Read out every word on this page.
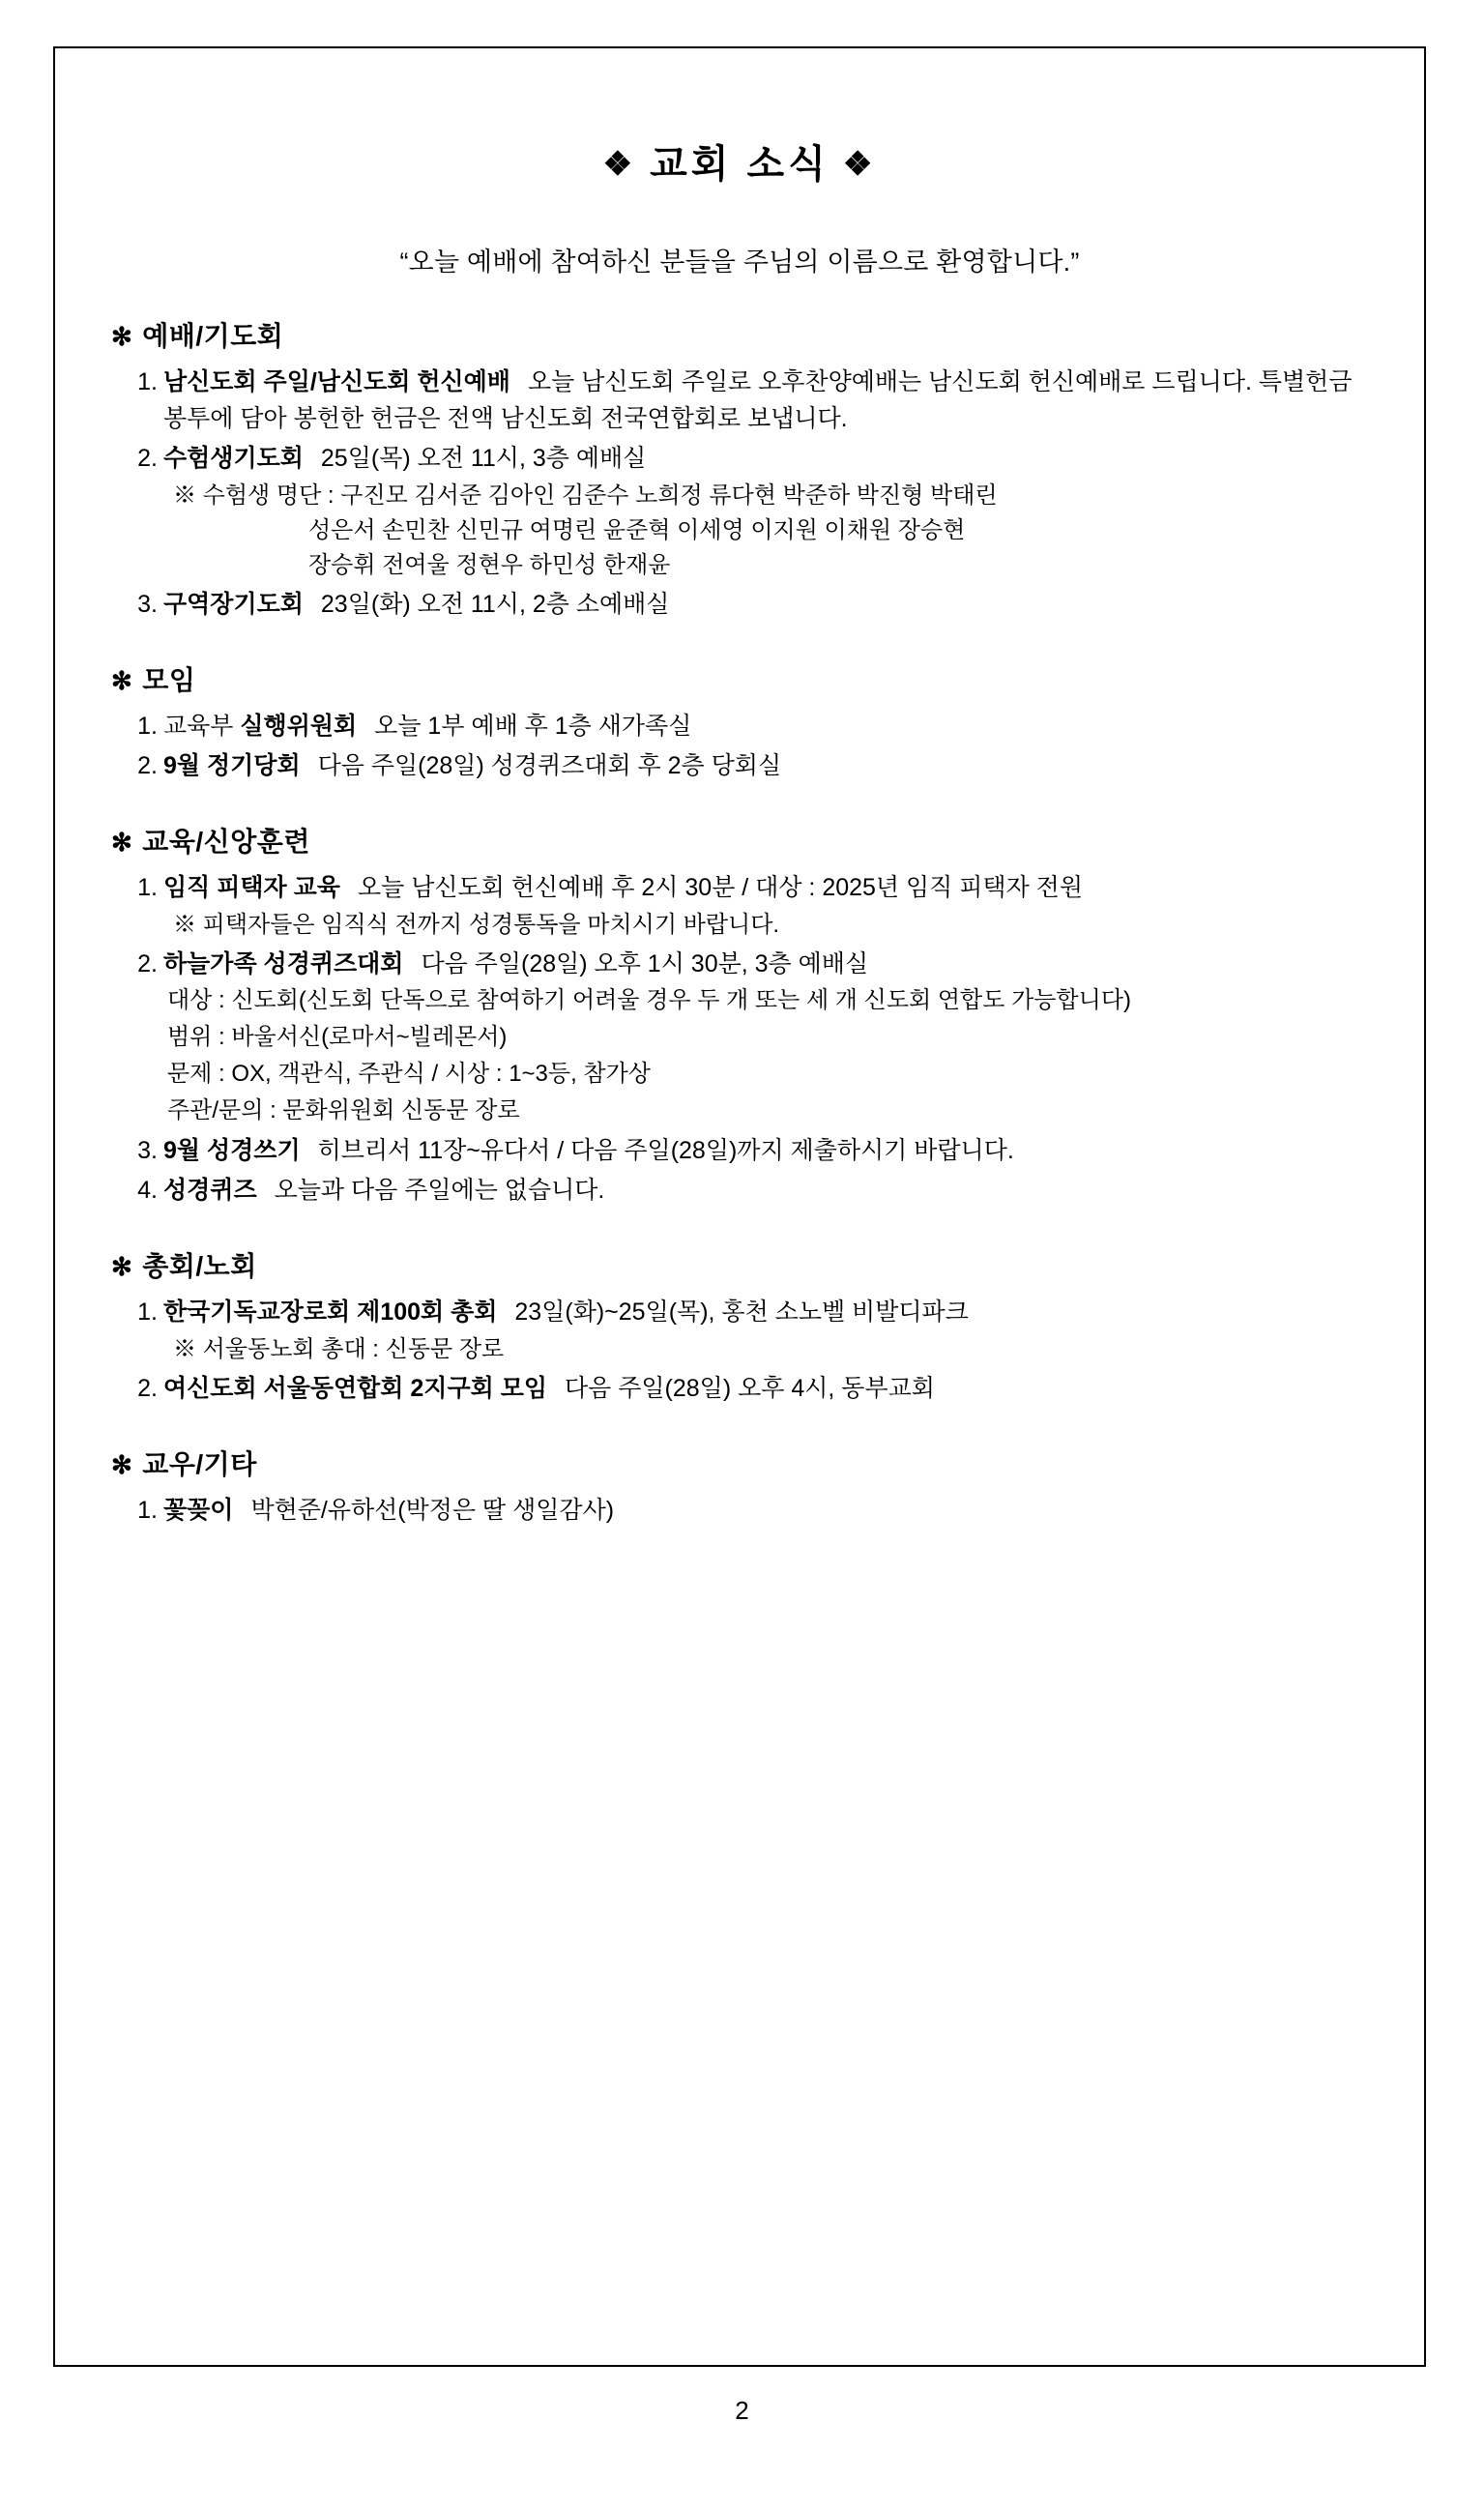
❖ 교회 소식 ❖
“오늘 예배에 참여하신 분들을 주님의 이름으로 환영합니다.”
✻ 예배/기도회
1. 남신도회 주일/남신도회 헌신예배 오늘 남신도회 주일로 오후찬양예배는 남신도회 헌신예배로 드립니다. 특별헌금봉투에 담아 봉헌한 헌금은 전액 남신도회 전국연합회로 보냅니다.
2. 수험생기도회 25일(목) 오전 11시, 3층 예배실
※ 수험생 명단 : 구진모 김서준 김아인 김준수 노희정 류다현 박준하 박진형 박태린
성은서 손민찬 신민규 여명린 윤준혁 이세영 이지원 이채원 장승현
장승휘 전여울 정현우 하민성 한재윤
3. 구역장기도회 23일(화) 오전 11시, 2층 소예배실
✻ 모임
1. 교육부 실행위원회 오늘 1부 예배 후 1층 새가족실
2. 9월 정기당회 다음 주일(28일) 성경퀴즈대회 후 2층 당회실
✻ 교육/신앙훈련
1. 임직 피택자 교육 오늘 남신도회 헌신예배 후 2시 30분 / 대상 : 2025년 임직 피택자 전원
※ 피택자들은 임직식 전까지 성경통독을 마치시기 바랍니다.
2. 하늘가족 성경퀴즈대회 다음 주일(28일) 오후 1시 30분, 3층 예배실
대상 : 신도회(신도회 단독으로 참여하기 어려울 경우 두 개 또는 세 개 신도회 연합도 가능합니다)
범위 : 바울서신(로마서~빌레몬서)
문제 : OX, 객관식, 주관식 / 시상 : 1~3등, 참가상
주관/문의 : 문화위원회 신동문 장로
3. 9월 성경쓰기 히브리서 11장~유다서 / 다음 주일(28일)까지 제출하시기 바랍니다.
4. 성경퀴즈 오늘과 다음 주일에는 없습니다.
✻ 총회/노회
1. 한국기독교장로회 제100회 총회 23일(화)~25일(목), 홍천 소노벨 비발디파크
※ 서울동노회 총대 : 신동문 장로
2. 여신도회 서울동연합회 2지구회 모임 다음 주일(28일) 오후 4시, 동부교회
✻ 교우/기타
1. 꽃꽂이 박현준/유하선(박정은 딸 생일감사)
2
